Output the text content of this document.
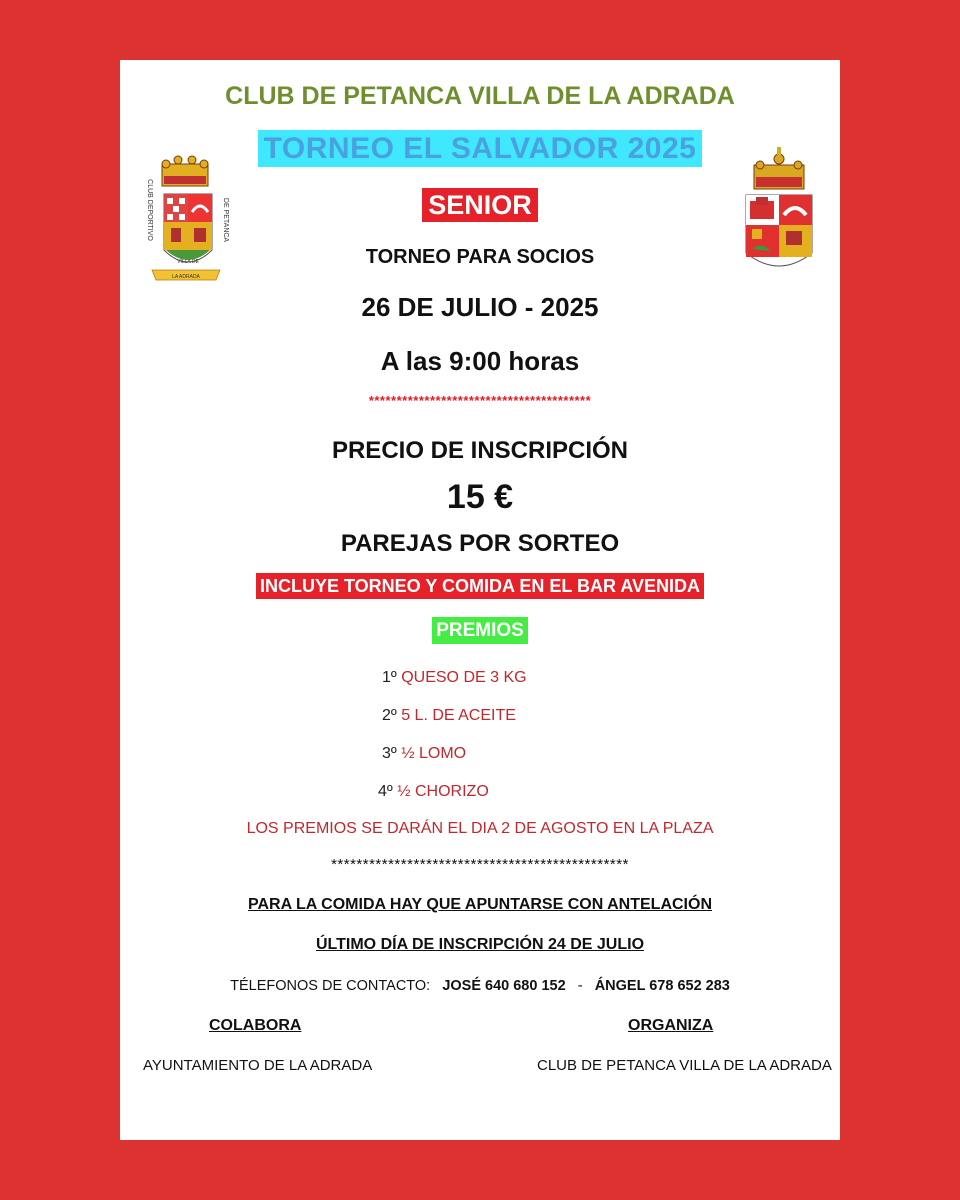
CLUB DEPORTIVO	DE PETANCA
VILLA DE
LA ADRADA
CLUB DE PETANCA VILLA DE LA ADRADA
TORNEO EL SALVADOR 2025
SENIOR
TORNEO PARA SOCIOS
26 DE JULIO - 2025
A las 9:00 horas
****************************************
PRECIO DE INSCRIPCIÓN
15 €
PAREJAS POR SORTEO
INCLUYE TORNEO Y COMIDA EN EL BAR AVENIDA
PREMIOS
1º QUESO DE 3 KG
2º 5 L. DE ACEITE
3º ½ LOMO
4º ½ CHORIZO
LOS PREMIOS SE DARÁN EL DIA 2 DE AGOSTO EN LA PLAZA
***********************************************
PARA LA COMIDA HAY QUE APUNTARSE CON ANTELACIÓN
ÚLTIMO DÍA DE INSCRIPCIÓN 24 DE JULIO
TÉLEFONOS DE CONTACTO: JOSÉ 640 680 152 - ÁNGEL 678 652 283
COLABORA	ORGANIZA
AYUNTAMIENTO DE LA ADRADA	CLUB DE PETANCA VILLA DE LA ADRADA
